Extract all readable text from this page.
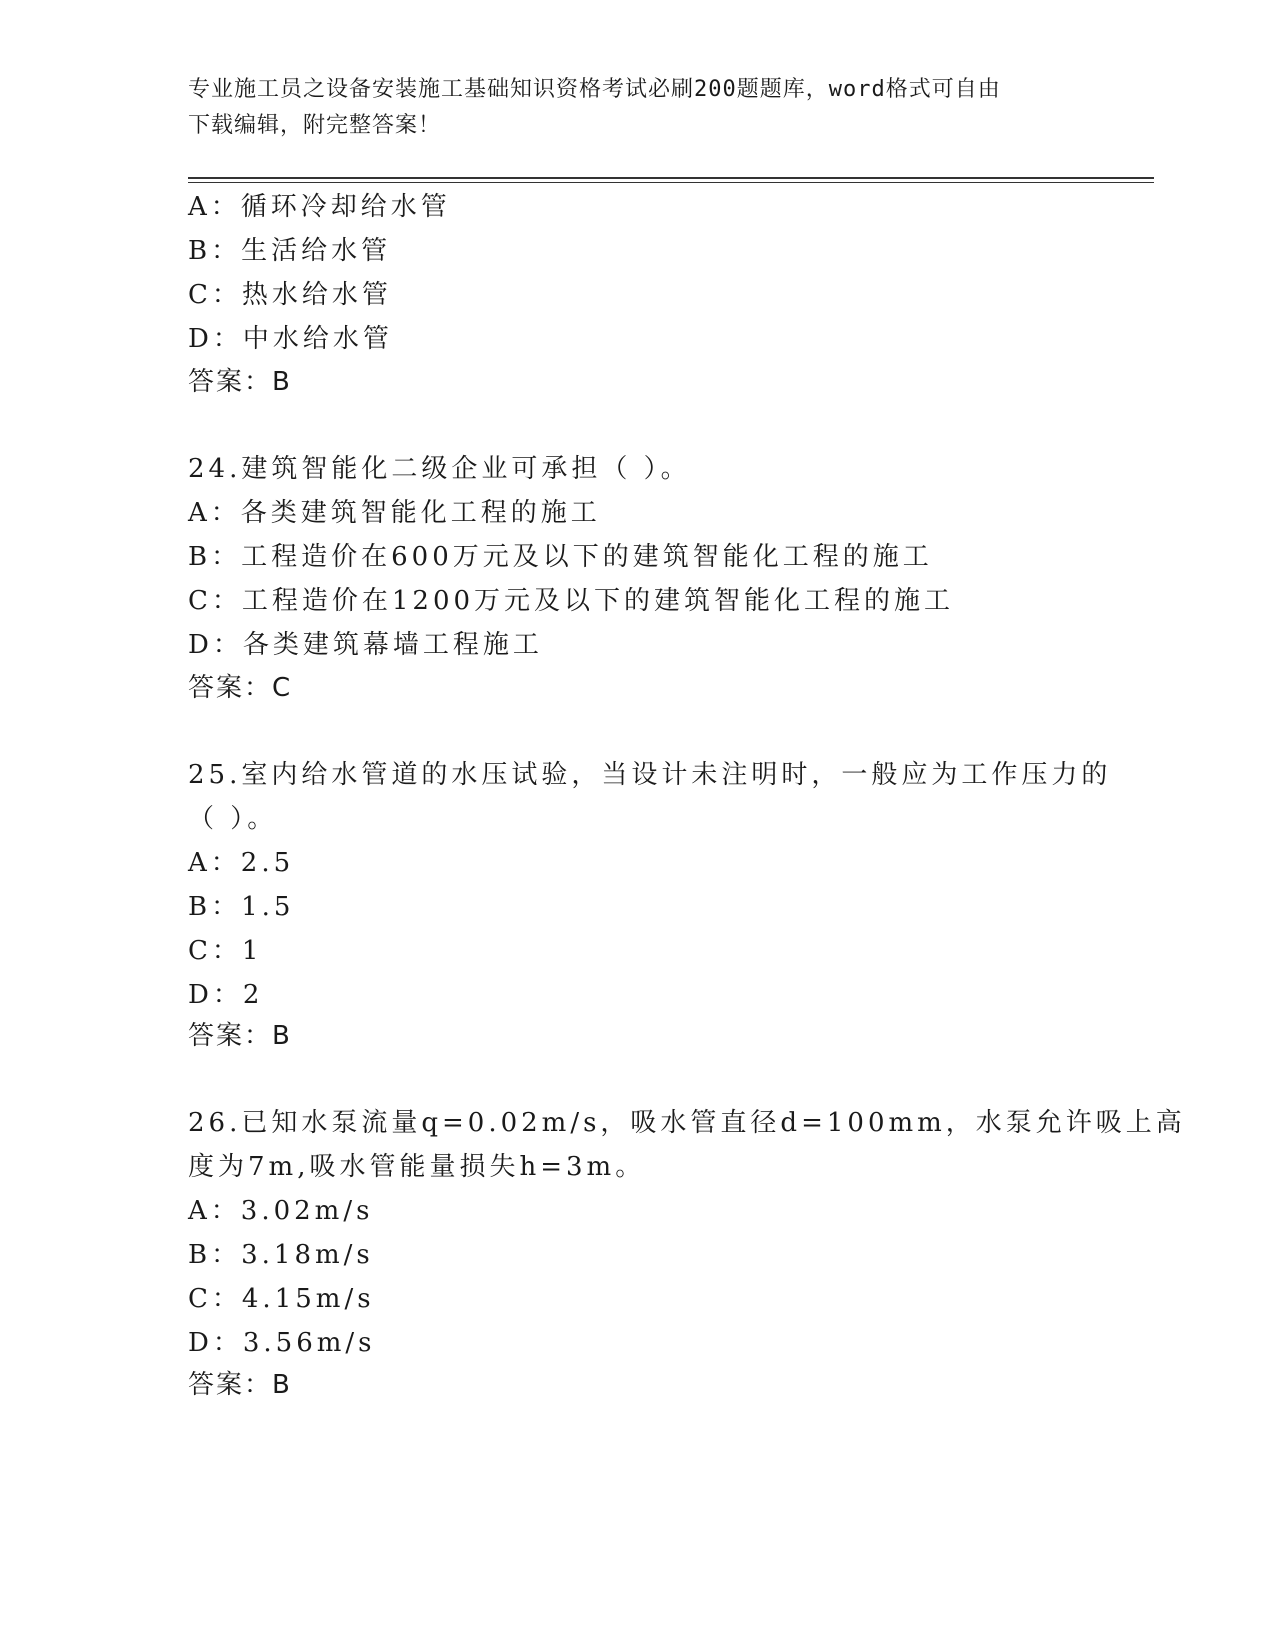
专业施工员之设备安装施工基础知识资格考试必刷200题题库，word格式可自由
下载编辑，附完整答案！
A：循环冷却给水管
B：生活给水管
C：热水给水管
D：中水给水管
答案：B
24.建筑智能化二级企业可承担（ ）。
A：各类建筑智能化工程的施工
B：工程造价在600万元及以下的建筑智能化工程的施工
C：工程造价在1200万元及以下的建筑智能化工程的施工
D：各类建筑幕墙工程施工
答案：C
25.室内给水管道的水压试验，当设计未注明时，一般应为工作压力的
（ ）。
A：2.5
B：1.5
C：1
D：2
答案：B
26.已知水泵流量q=0.02m/s，吸水管直径d=100mm，水泵允许吸上高
度为7m,吸水管能量损失h=3m。
A：3.02m/s
B：3.18m/s
C：4.15m/s
D：3.56m/s
答案：B
